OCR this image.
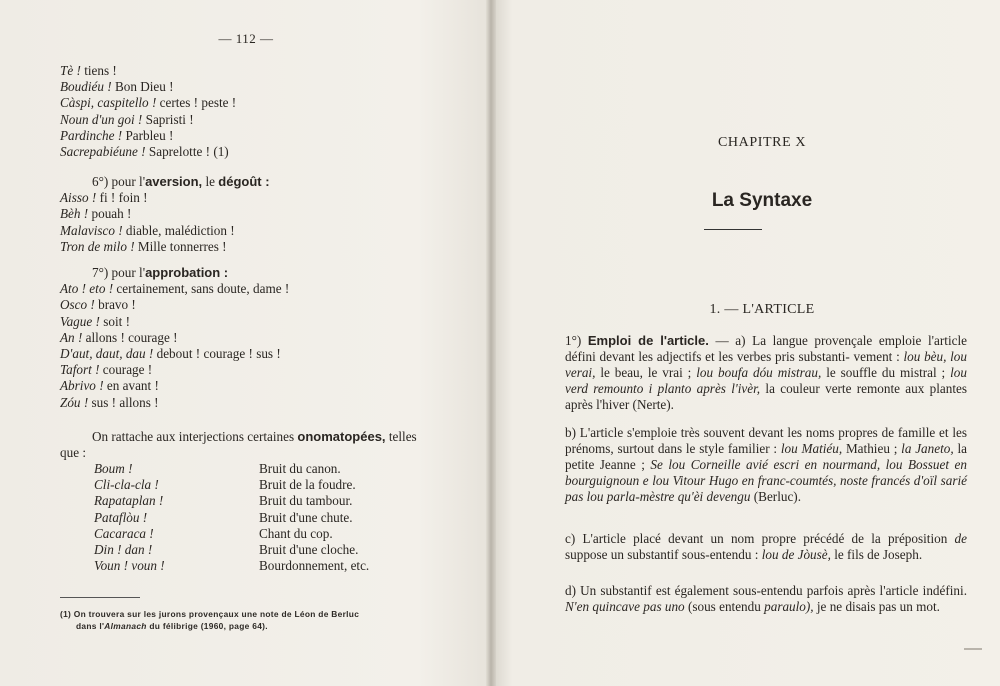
— 112 —
Tè ! tiens !
Boudiéu ! Bon Dieu !
Càspi, caspitello ! certes ! peste !
Noun d'un goi ! Sapristi !
Pardinche ! Parbleu !
Sacrepabiéune ! Saprelotte ! (1)
6°) pour l'aversion, le dégoût :
Aisso ! fi ! foin !
Bèh ! pouah !
Malavisco ! diable, malédiction !
Tron de milo ! Mille tonnerres !
7°) pour l'approbation :
Ato ! eto ! certainement, sans doute, dame !
Osco ! bravo !
Vague ! soit !
An ! allons ! courage !
D'aut, daut, dau ! debout ! courage ! sus !
Tafort ! courage !
Abrivo ! en avant !
Zóu ! sus ! allons !
On rattache aux interjections certaines onomatopées, telles
que :
Boum !	Bruit du canon.
Cli-cla-cla !	Bruit de la foudre.
Rapataplan !	Bruit du tambour.
Pataflòu !	Bruit d'une chute.
Cacaraca !	Chant du cop.
Din ! dan !	Bruit d'une cloche.
Voun ! voun !	Bourdonnement, etc.
(1) On trouvera sur les jurons provençaux une note de Léon de Berluc
dans l'Almanach du félibrige (1960, page 64).
CHAPITRE X
La Syntaxe
1. — L'ARTICLE
1°) Emploi de l'article. — a) La langue provençale emploie l'article défini devant les adjectifs et les verbes pris substanti- vement : lou bèu, lou verai, le beau, le vrai ; lou boufa dóu mistrau, le souffle du mistral ; lou verd remounto i planto après l'ivèr, la couleur verte remonte aux plantes après l'hiver (Nerte).
b) L'article s'emploie très souvent devant les noms propres de famille et les prénoms, surtout dans le style familier : lou Matiéu, Mathieu ; la Janeto, la petite Jeanne ; Se lou Corneille avié escri en nourmand, lou Bossuet en bourguignoun e lou Vitour Hugo en franc-coumtés, noste francés d'oïl sarié pas lou parla-mèstre qu'èi devengu (Berluc).
c) L'article placé devant un nom propre précédé de la préposition de suppose un substantif sous-entendu : lou de Jòusè, le fils de Joseph.
d) Un substantif est également sous-entendu parfois après l'article indéfini. N'en quincave pas uno (sous entendu paraulo), je ne disais pas un mot.
